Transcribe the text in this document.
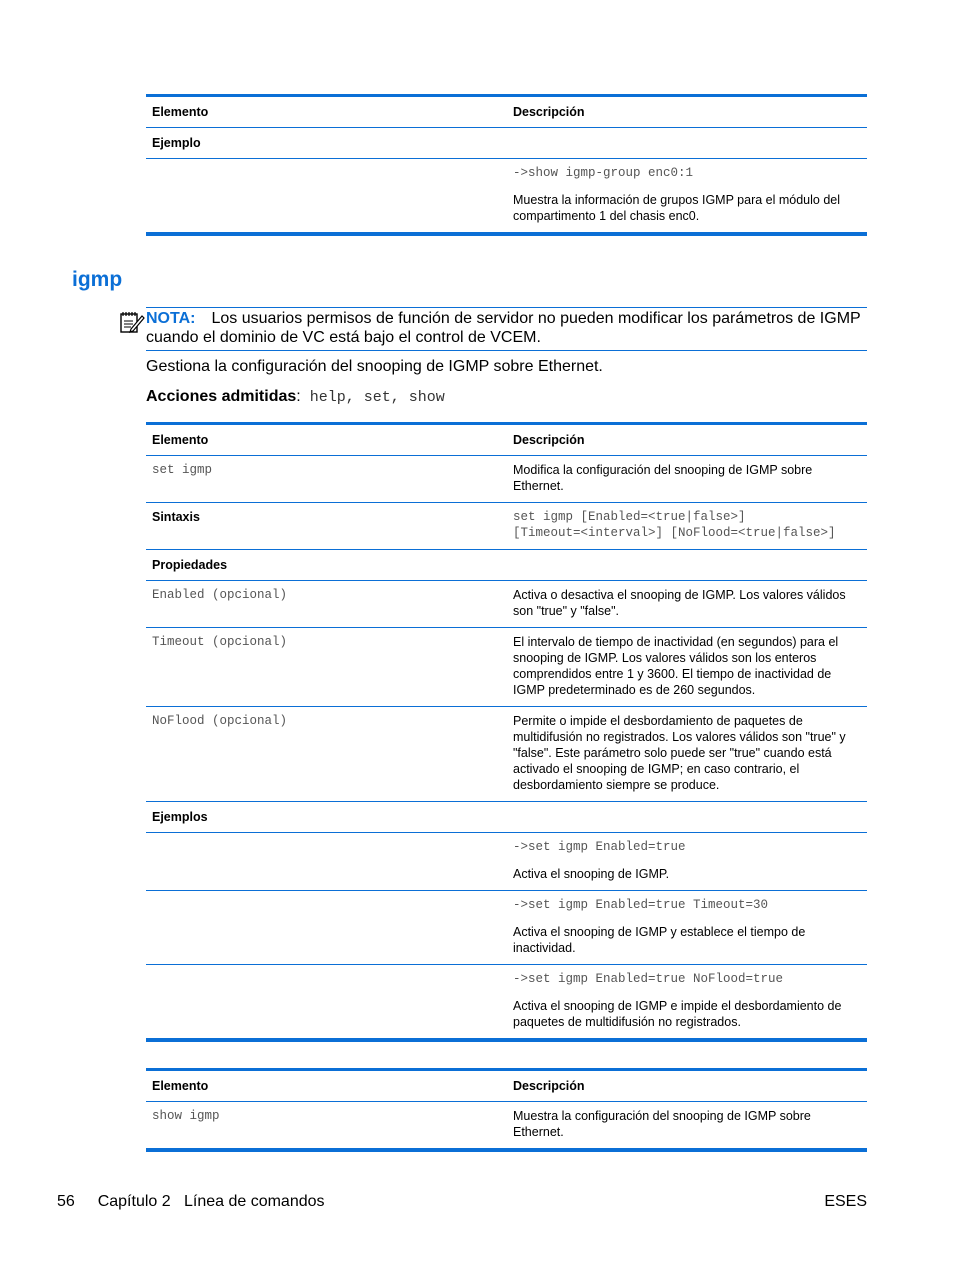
Elemento	Descripción
Ejemplo
->show igmp-group enc0:1
Muestra la información de grupos IGMP para el módulo del compartimento 1 del chasis enc0.
igmp
NOTA: Los usuarios permisos de función de servidor no pueden modificar los parámetros de IGMP cuando el dominio de VC está bajo el control de VCEM.
Gestiona la configuración del snooping de IGMP sobre Ethernet.
Acciones admitidas: help, set, show
Elemento	Descripción
set igmp	Modifica la configuración del snooping de IGMP sobre Ethernet.
Sintaxis	set igmp [Enabled=<true|false>]
[Timeout=<interval>] [NoFlood=<true|false>]
Propiedades
Enabled (opcional)	Activa o desactiva el snooping de IGMP. Los valores válidos son "true" y "false".
Timeout (opcional)	El intervalo de tiempo de inactividad (en segundos) para el snooping de IGMP. Los valores válidos son los enteros comprendidos entre 1 y 3600. El tiempo de inactividad de IGMP predeterminado es de 260 segundos.
NoFlood (opcional)	Permite o impide el desbordamiento de paquetes de multidifusión no registrados. Los valores válidos son "true" y "false". Este parámetro solo puede ser "true" cuando está activado el snooping de IGMP; en caso contrario, el desbordamiento siempre se produce.
Ejemplos
->set igmp Enabled=true
Activa el snooping de IGMP.
->set igmp Enabled=true Timeout=30
Activa el snooping de IGMP y establece el tiempo de inactividad.
->set igmp Enabled=true NoFlood=true
Activa el snooping de IGMP e impide el desbordamiento de paquetes de multidifusión no registrados.
Elemento	Descripción
show igmp	Muestra la configuración del snooping de IGMP sobre Ethernet.
56 Capítulo 2   Línea de comandos	ESES
